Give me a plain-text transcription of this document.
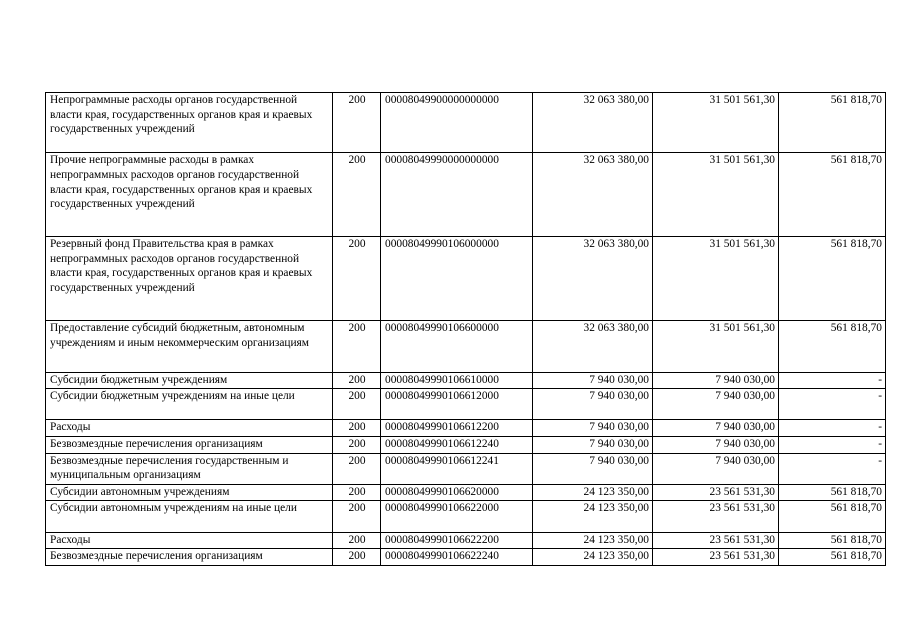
Непрограммные расходы органов государственной власти края, государственных органов края и краевых государственных учреждений	200	00008049900000000000	32 063 380,00	31 501 561,30	561 818,70
Прочие непрограммные расходы в рамках непрограммных расходов органов государственной власти края, государственных органов края и краевых государственных учреждений	200	00008049990000000000	32 063 380,00	31 501 561,30	561 818,70
Резервный фонд Правительства края в рамках непрограммных расходов органов государственной власти края, государственных органов края и краевых государственных учреждений	200	00008049990106000000	32 063 380,00	31 501 561,30	561 818,70
Предоставление субсидий бюджетным, автономным учреждениям и иным некоммерческим организациям	200	00008049990106600000	32 063 380,00	31 501 561,30	561 818,70
Субсидии бюджетным учреждениям	200	00008049990106610000	7 940 030,00	7 940 030,00	-
Субсидии бюджетным учреждениям на иные цели	200	00008049990106612000	7 940 030,00	7 940 030,00	-
Расходы	200	00008049990106612200	7 940 030,00	7 940 030,00	-
Безвозмездные перечисления организациям	200	00008049990106612240	7 940 030,00	7 940 030,00	-
Безвозмездные перечисления государственным и муниципальным организациям	200	00008049990106612241	7 940 030,00	7 940 030,00	-
Субсидии автономным учреждениям	200	00008049990106620000	24 123 350,00	23 561 531,30	561 818,70
Субсидии автономным учреждениям на иные цели	200	00008049990106622000	24 123 350,00	23 561 531,30	561 818,70
Расходы	200	00008049990106622200	24 123 350,00	23 561 531,30	561 818,70
Безвозмездные перечисления организациям	200	00008049990106622240	24 123 350,00	23 561 531,30	561 818,70
